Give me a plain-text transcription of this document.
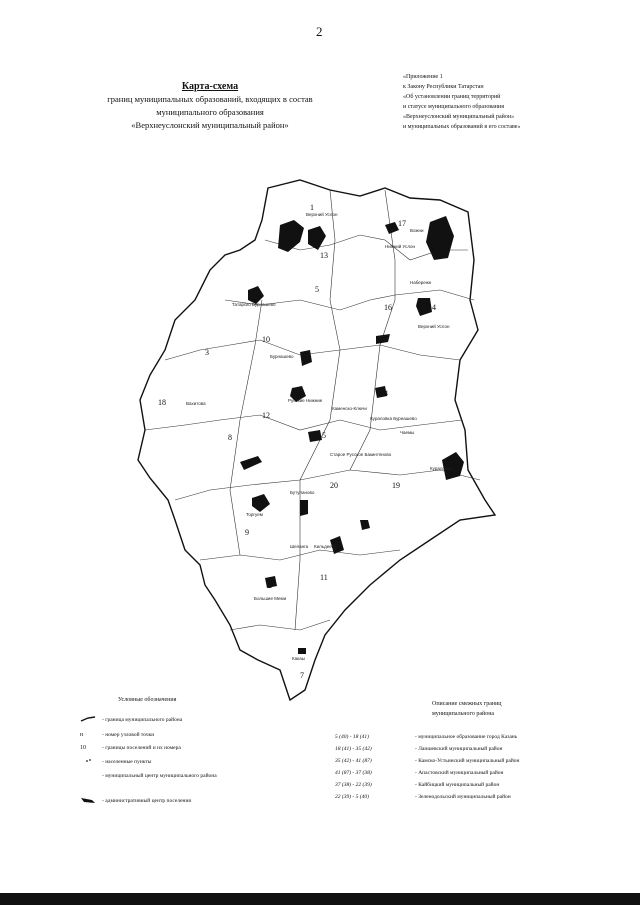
2
Карта-схема
границ муниципальных образований, входящих в состав
муниципального образования
«Верхнеуслонский муниципальный район»
«Приложение 1
к Закону Республики Татарстан
«Об установлении границ территорий
и статусе муниципального образования
«Верхнеуслонский муниципальный район»
и муниципальных образований в его составе»
1
2
3
4
5
6
7
8
9
10
11
12
13
14
15
16
17
18
19
20
Татарско Бурнашево
Бурнашево
Русские Нижние
Кураловка Бурнашево
Набережн
Нижний Услон
Вожни
Верхний Услон
Старое Русское Бакинтяново
Чаемы
Торгуем
Шеланга Кильдеево
Бутуланово
Большие Меми
Какаы
Каменско-Ключи
Верхний Услон
Кураловка
Вахитова
Условные обозначения
- граница муниципального района
н	- номер узловой точки
10	- границы поселений и их номера
- населенные пункты
- муниципальный центр муниципального района
- административный центр поселения
Описание смежных границ
муниципального района
5 (40) - 18 (41)	- муниципальное образование город Казань
18 (41) - 35 (42)	- Лаишевский муниципальный район
35 (42) - 41 (87)	- Камско-Устьинский муниципальный район
41 (87) - 37 (38)	- Апастовский муниципальный район
37 (38) - 22 (39)	- Кайбицкий муниципальный район
22 (39) - 5 (40)	- Зеленодольский муниципальный район
